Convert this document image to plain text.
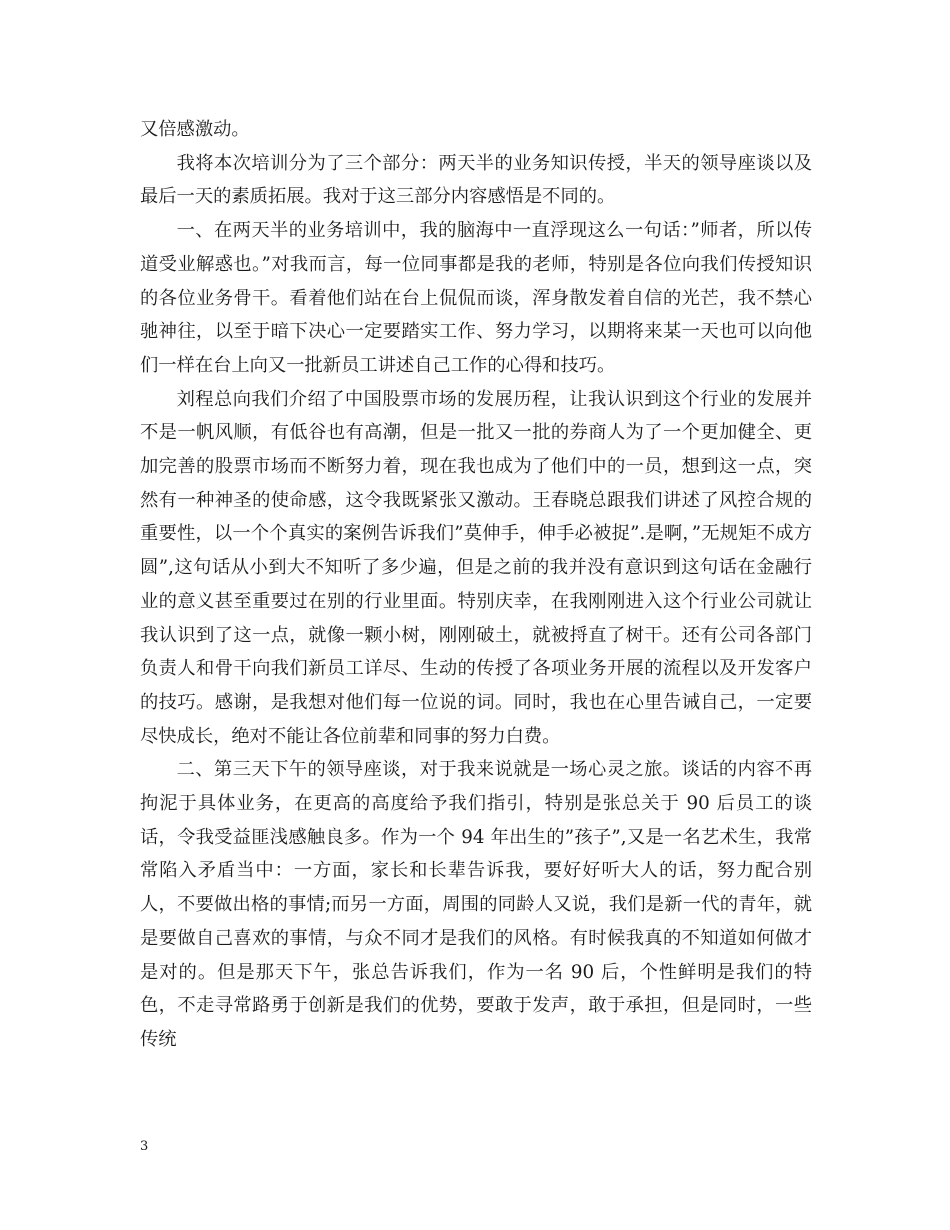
又倍感激动。

我将本次培训分为了三个部分：两天半的业务知识传授，半天的领导座谈以及最后一天的素质拓展。我对于这三部分内容感悟是不同的。

一、在两天半的业务培训中，我的脑海中一直浮现这么一句话：”师者，所以传道受业解惑也。”对我而言，每一位同事都是我的老师，特别是各位向我们传授知识的各位业务骨干。看着他们站在台上侃侃而谈，浑身散发着自信的光芒，我不禁心驰神往，以至于暗下决心一定要踏实工作、努力学习，以期将来某一天也可以向他们一样在台上向又一批新员工讲述自己工作的心得和技巧。

刘程总向我们介绍了中国股票市场的发展历程，让我认识到这个行业的发展并不是一帆风顺，有低谷也有高潮，但是一批又一批的券商人为了一个更加健全、更加完善的股票市场而不断努力着，现在我也成为了他们中的一员，想到这一点，突然有一种神圣的使命感，这令我既紧张又激动。王春晓总跟我们讲述了风控合规的重要性，以一个个真实的案例告诉我们”莫伸手，伸手必被捉”.是啊，”无规矩不成方圆”,这句话从小到大不知听了多少遍，但是之前的我并没有意识到这句话在金融行业的意义甚至重要过在别的行业里面。特别庆幸，在我刚刚进入这个行业公司就让我认识到了这一点，就像一颗小树，刚刚破土，就被捋直了树干。还有公司各部门负责人和骨干向我们新员工详尽、生动的传授了各项业务开展的流程以及开发客户的技巧。感谢，是我想对他们每一位说的词。同时，我也在心里告诫自己，一定要尽快成长，绝对不能让各位前辈和同事的努力白费。

二、第三天下午的领导座谈，对于我来说就是一场心灵之旅。谈话的内容不再拘泥于具体业务，在更高的高度给予我们指引，特别是张总关于 90 后员工的谈话，令我受益匪浅感触良多。作为一个 94 年出生的”孩子”,又是一名艺术生，我常常陷入矛盾当中：一方面，家长和长辈告诉我，要好好听大人的话，努力配合别人，不要做出格的事情;而另一方面，周围的同龄人又说，我们是新一代的青年，就是要做自己喜欢的事情，与众不同才是我们的风格。有时候我真的不知道如何做才是对的。但是那天下午，张总告诉我们，作为一名 90 后，个性鲜明是我们的特色，不走寻常路勇于创新是我们的优势，要敢于发声，敢于承担，但是同时，一些传统

3
